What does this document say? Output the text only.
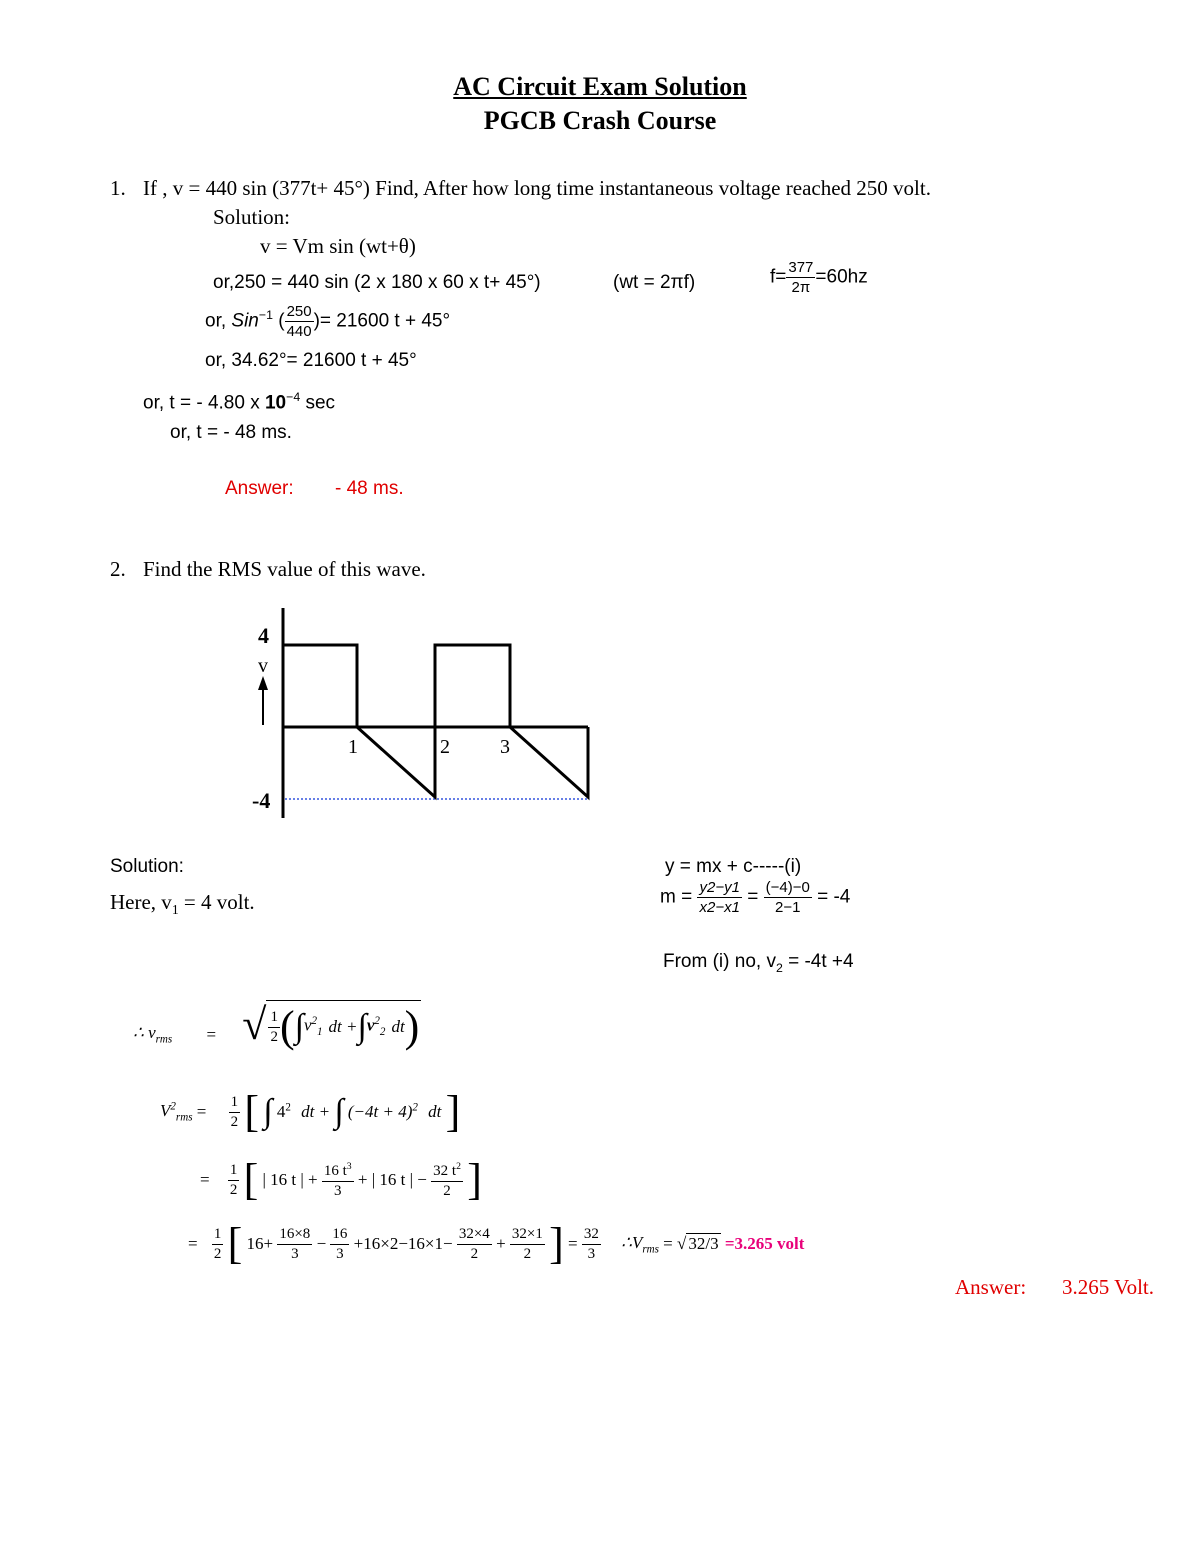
AC Circuit Exam Solution
PGCB Crash Course
1. If , v = 440 sin (377t+ 45°) Find, After how long time instantaneous voltage reached 250 volt.
Solution:
v = Vm sin (wt+θ)
or,250 = 440 sin (2 x 180 x 60 x t+ 45°)	(wt = 2πf)	$f= \frac{377}{2\pi} =60hz$
or, Sin$^{-1}$ ( $\frac{250}{440}$ )= 21600 t + 45°
or, 34.62°= 21600 t + 45°
or, t = - 4.80 x $10^{-4}$ sec
or, t = - 48 ms.
Answer: - 48 ms.
2. Find the RMS value of this wave.
4
v
-4
1	2	3
Solution:
Here, $v_1 = 4$ volt.
y = mx + c-----(i)
$m = \frac{y2-y1}{x2-x1} = \frac{(-4)-0}{2-1} = -4$
From (i) no, $v_2 = -4t +4$
∴ $v_{rms}$ = √ $\frac{1}{2}$ ( ∫ $v^2_1$ dt + ∫ $v^2_2$ dt )
$V^2_{rms} = \frac{1}{2}$ [ ∫ $4^2$ dt + ∫ $(-4t + 4)^2$ dt ]
= $\frac{1}{2}$ [ | 16 t | + $\frac{16 t^3}{3}$ + | 16 t | − $\frac{32 t^2}{2}$ ]
= $\frac{1}{2}$ [ $16+ \frac{16\times 8}{3} - \frac{16}{3} +16\times 2-16\times 1- \frac{32\times 4}{2} + \frac{32\times 1}{2}$ ] = $\frac{32}{3}$ $\therefore V_{rms}$ = √ 32/3 =3.265 volt
Answer: 3.265 Volt.
